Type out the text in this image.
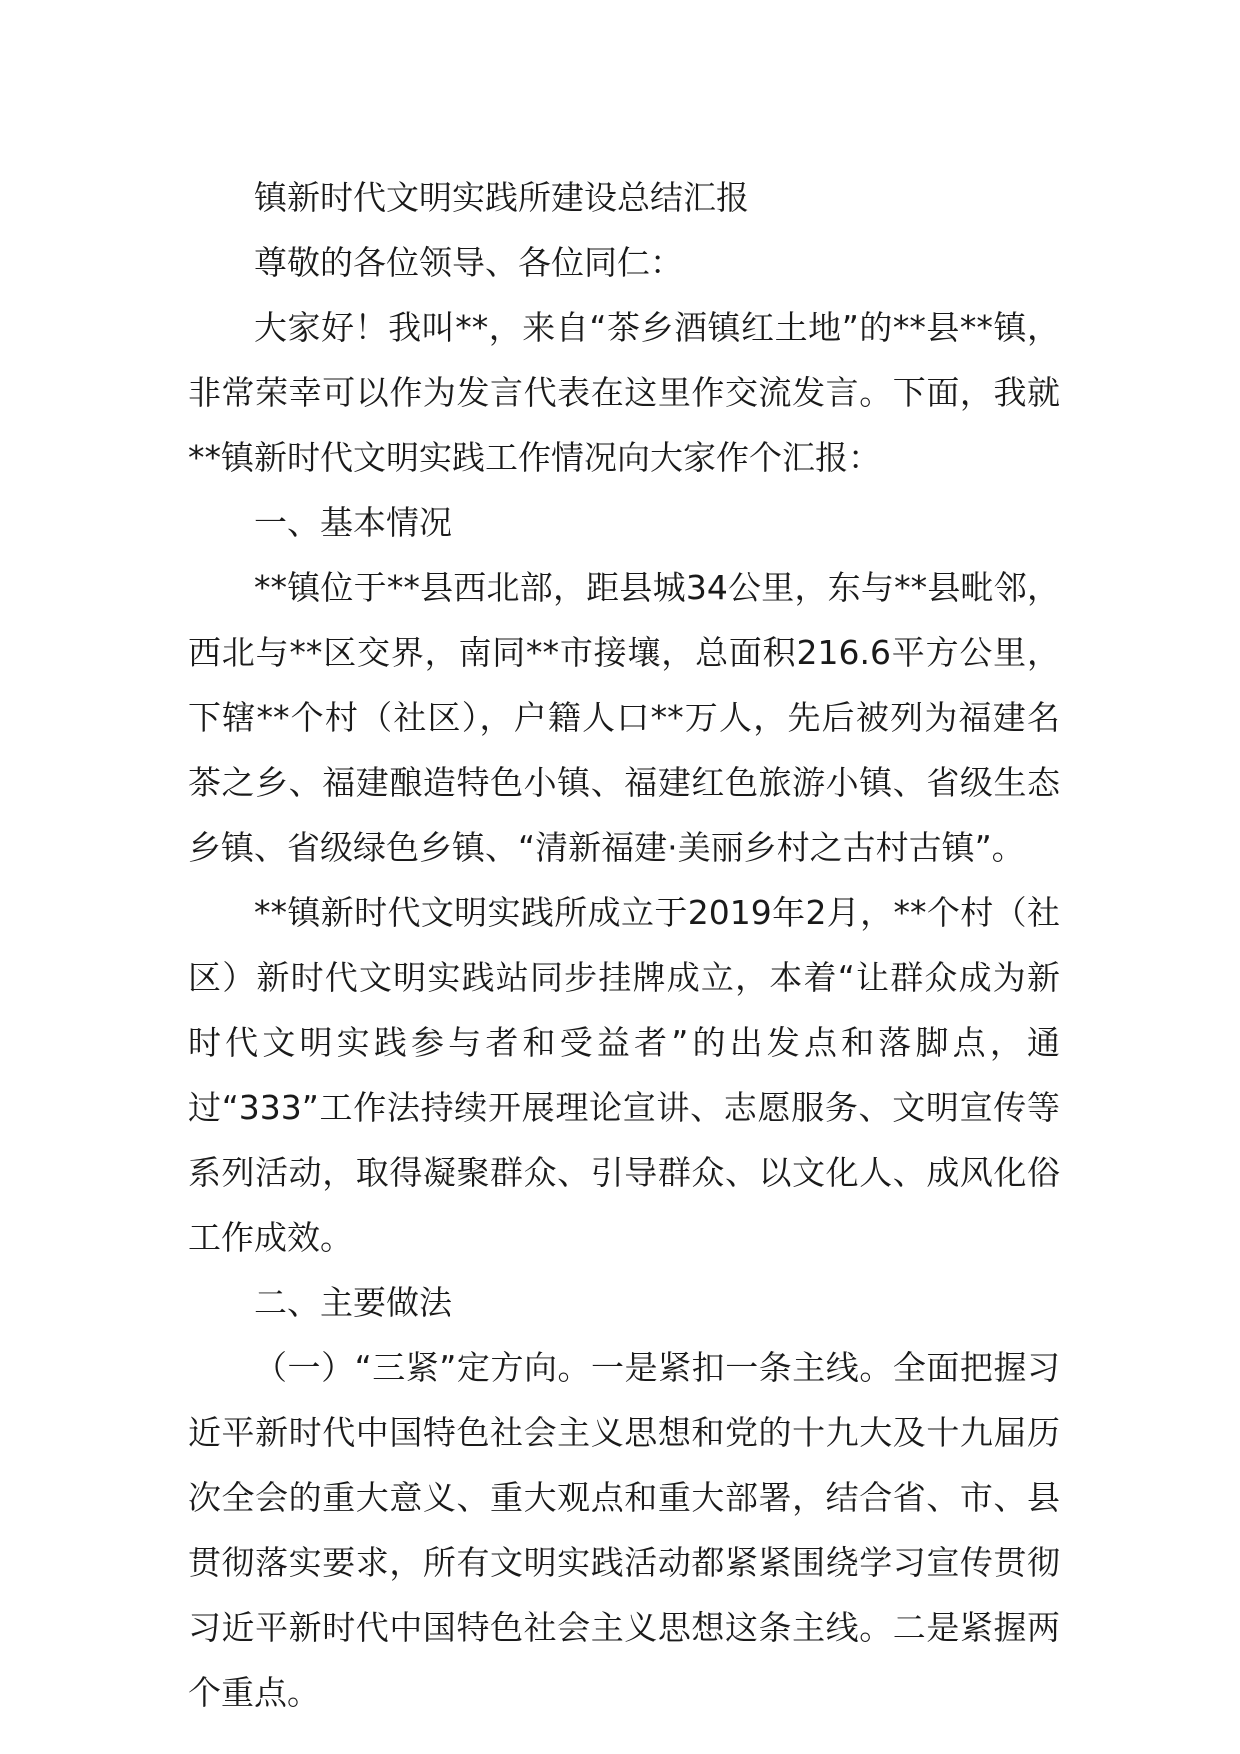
镇新时代文明实践所建设总结汇报

尊敬的各位领导、各位同仁：

大家好！我叫**，来自“茶乡酒镇红土地”的**县**镇，非常荣幸可以作为发言代表在这里作交流发言。下面，我就**镇新时代文明实践工作情况向大家作个汇报：

一、基本情况

**镇位于**县西北部，距县城34公里，东与**县毗邻，西北与**区交界，南同**市接壤，总面积216.6平方公里，下辖**个村（社区），户籍人口**万人，先后被列为福建名茶之乡、福建酿造特色小镇、福建红色旅游小镇、省级生态乡镇、省级绿色乡镇、“清新福建·美丽乡村之古村古镇”。

**镇新时代文明实践所成立于2019年2月，**个村（社区）新时代文明实践站同步挂牌成立，本着“让群众成为新时代文明实践参与者和受益者”的出发点和落脚点，通过“333”工作法持续开展理论宣讲、志愿服务、文明宣传等系列活动，取得凝聚群众、引导群众、以文化人、成风化俗工作成效。

二、主要做法

（一）“三紧”定方向。一是紧扣一条主线。全面把握习近平新时代中国特色社会主义思想和党的十九大及十九届历次全会的重大意义、重大观点和重大部署，结合省、市、县贯彻落实要求，所有文明实践活动都紧紧围绕学习宣传贯彻习近平新时代中国特色社会主义思想这条主线。二是紧握两个重点。
